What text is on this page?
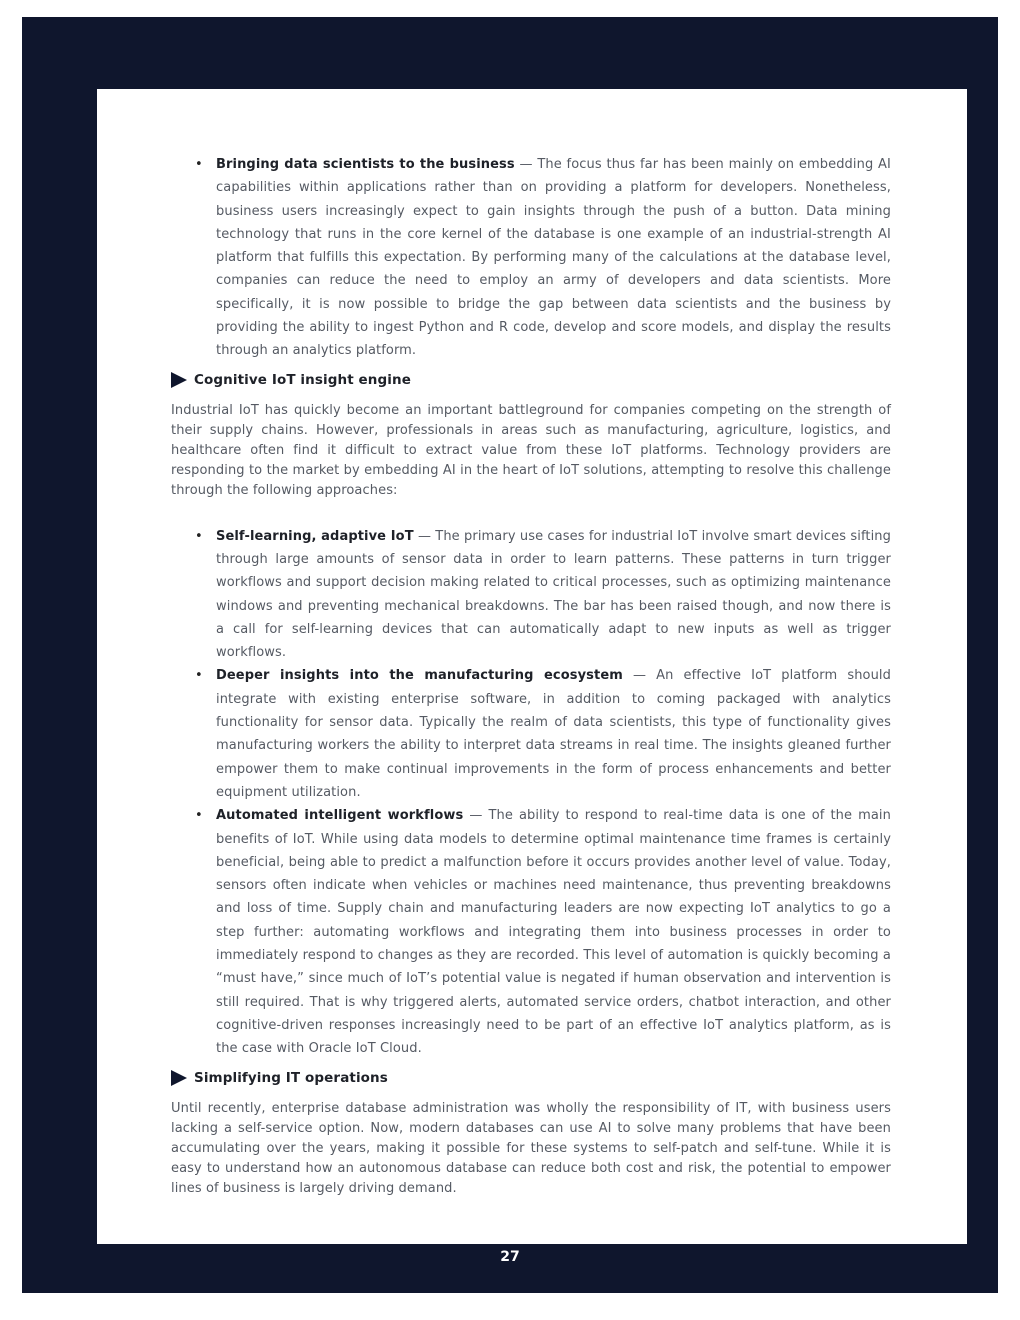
• Bringing data scientists to the business — The focus thus far has been mainly on embedding AI capabilities within applications rather than on providing a platform for developers. Nonetheless, business users increasingly expect to gain insights through the push of a button. Data mining technology that runs in the core kernel of the database is one example of an industrial-strength AI platform that fulfills this expectation. By performing many of the calculations at the database level, companies can reduce the need to employ an army of developers and data scientists. More specifically, it is now possible to bridge the gap between data scientists and the business by providing the ability to ingest Python and R code, develop and score models, and display the results through an analytics platform.
Cognitive IoT insight engine

Industrial IoT has quickly become an important battleground for companies competing on the strength of their supply chains. However, professionals in areas such as manufacturing, agriculture, logistics, and healthcare often find it difficult to extract value from these IoT platforms. Technology providers are responding to the market by embedding AI in the heart of IoT solutions, attempting to resolve this challenge through the following approaches:

• Self-learning, adaptive IoT — The primary use cases for industrial IoT involve smart devices sifting through large amounts of sensor data in order to learn patterns. These patterns in turn trigger workflows and support decision making related to critical processes, such as optimizing maintenance windows and preventing mechanical breakdowns. The bar has been raised though, and now there is a call for self-learning devices that can automatically adapt to new inputs as well as trigger workflows.
• Deeper insights into the manufacturing ecosystem — An effective IoT platform should integrate with existing enterprise software, in addition to coming packaged with analytics functionality for sensor data. Typically the realm of data scientists, this type of functionality gives manufacturing workers the ability to interpret data streams in real time. The insights gleaned further empower them to make continual improvements in the form of process enhancements and better equipment utilization.
• Automated intelligent workflows — The ability to respond to real-time data is one of the main benefits of IoT. While using data models to determine optimal maintenance time frames is certainly beneficial, being able to predict a malfunction before it occurs provides another level of value. Today, sensors often indicate when vehicles or machines need maintenance, thus preventing breakdowns and loss of time. Supply chain and manufacturing leaders are now expecting IoT analytics to go a step further: automating workflows and integrating them into business processes in order to immediately respond to changes as they are recorded. This level of automation is quickly becoming a “must have,” since much of IoT’s potential value is negated if human observation and intervention is still required. That is why triggered alerts, automated service orders, chatbot interaction, and other cognitive-driven responses increasingly need to be part of an effective IoT analytics platform, as is the case with Oracle IoT Cloud.
Simplifying IT operations

Until recently, enterprise database administration was wholly the responsibility of IT, with business users lacking a self-service option. Now, modern databases can use AI to solve many problems that have been accumulating over the years, making it possible for these systems to self-patch and self-tune. While it is easy to understand how an autonomous database can reduce both cost and risk, the potential to empower lines of business is largely driving demand.

27
